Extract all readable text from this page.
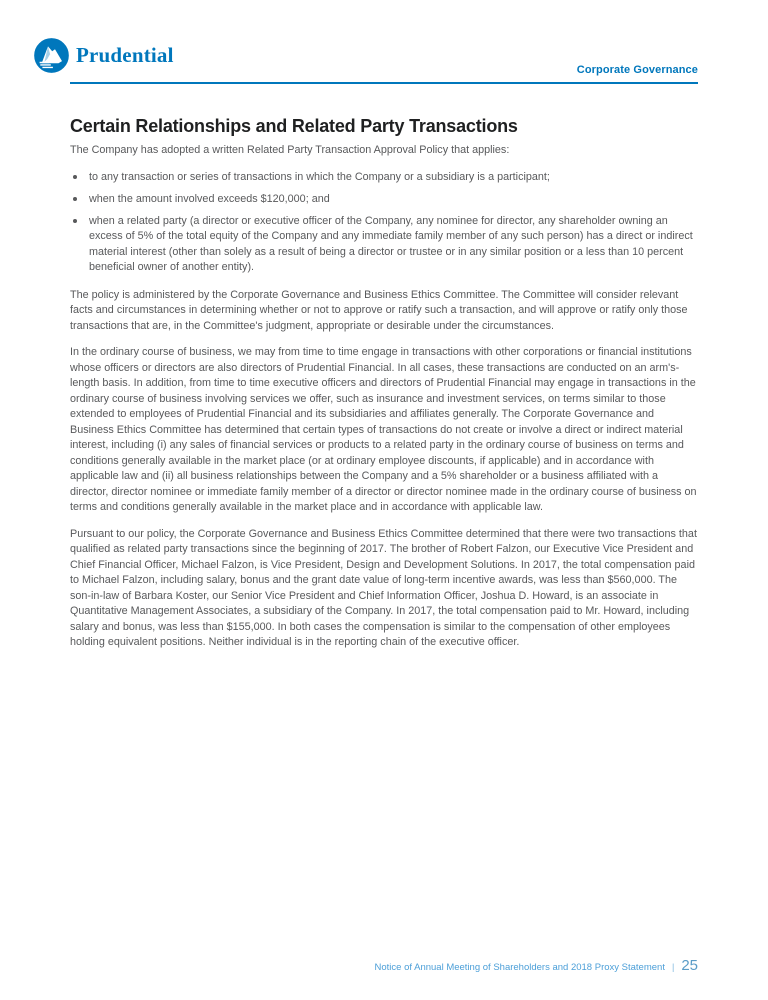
Prudential
Corporate Governance
Certain Relationships and Related Party Transactions

The Company has adopted a written Related Party Transaction Approval Policy that applies:

to any transaction or series of transactions in which the Company or a subsidiary is a participant;
when the amount involved exceeds $120,000; and
when a related party (a director or executive officer of the Company, any nominee for director, any shareholder owning an excess of 5% of the total equity of the Company and any immediate family member of any such person) has a direct or indirect material interest (other than solely as a result of being a director or trustee or in any similar position or a less than 10 percent beneficial owner of another entity).

The policy is administered by the Corporate Governance and Business Ethics Committee. The Committee will consider relevant facts and circumstances in determining whether or not to approve or ratify such a transaction, and will approve or ratify only those transactions that are, in the Committee's judgment, appropriate or desirable under the circumstances.

In the ordinary course of business, we may from time to time engage in transactions with other corporations or financial institutions whose officers or directors are also directors of Prudential Financial. In all cases, these transactions are conducted on an arm's-length basis. In addition, from time to time executive officers and directors of Prudential Financial may engage in transactions in the ordinary course of business involving services we offer, such as insurance and investment services, on terms similar to those extended to employees of Prudential Financial and its subsidiaries and affiliates generally. The Corporate Governance and Business Ethics Committee has determined that certain types of transactions do not create or involve a direct or indirect material interest, including (i) any sales of financial services or products to a related party in the ordinary course of business on terms and conditions generally available in the market place (or at ordinary employee discounts, if applicable) and in accordance with applicable law and (ii) all business relationships between the Company and a 5% shareholder or a business affiliated with a director, director nominee or immediate family member of a director or director nominee made in the ordinary course of business on terms and conditions generally available in the market place and in accordance with applicable law.

Pursuant to our policy, the Corporate Governance and Business Ethics Committee determined that there were two transactions that qualified as related party transactions since the beginning of 2017. The brother of Robert Falzon, our Executive Vice President and Chief Financial Officer, Michael Falzon, is Vice President, Design and Development Solutions. In 2017, the total compensation paid to Michael Falzon, including salary, bonus and the grant date value of long-term incentive awards, was less than $560,000. The son-in-law of Barbara Koster, our Senior Vice President and Chief Information Officer, Joshua D. Howard, is an associate in Quantitative Management Associates, a subsidiary of the Company. In 2017, the total compensation paid to Mr. Howard, including salary and bonus, was less than $155,000. In both cases the compensation is similar to the compensation of other employees holding equivalent positions. Neither individual is in the reporting chain of the executive officer.

Notice of Annual Meeting of Shareholders and 2018 Proxy Statement | 25
